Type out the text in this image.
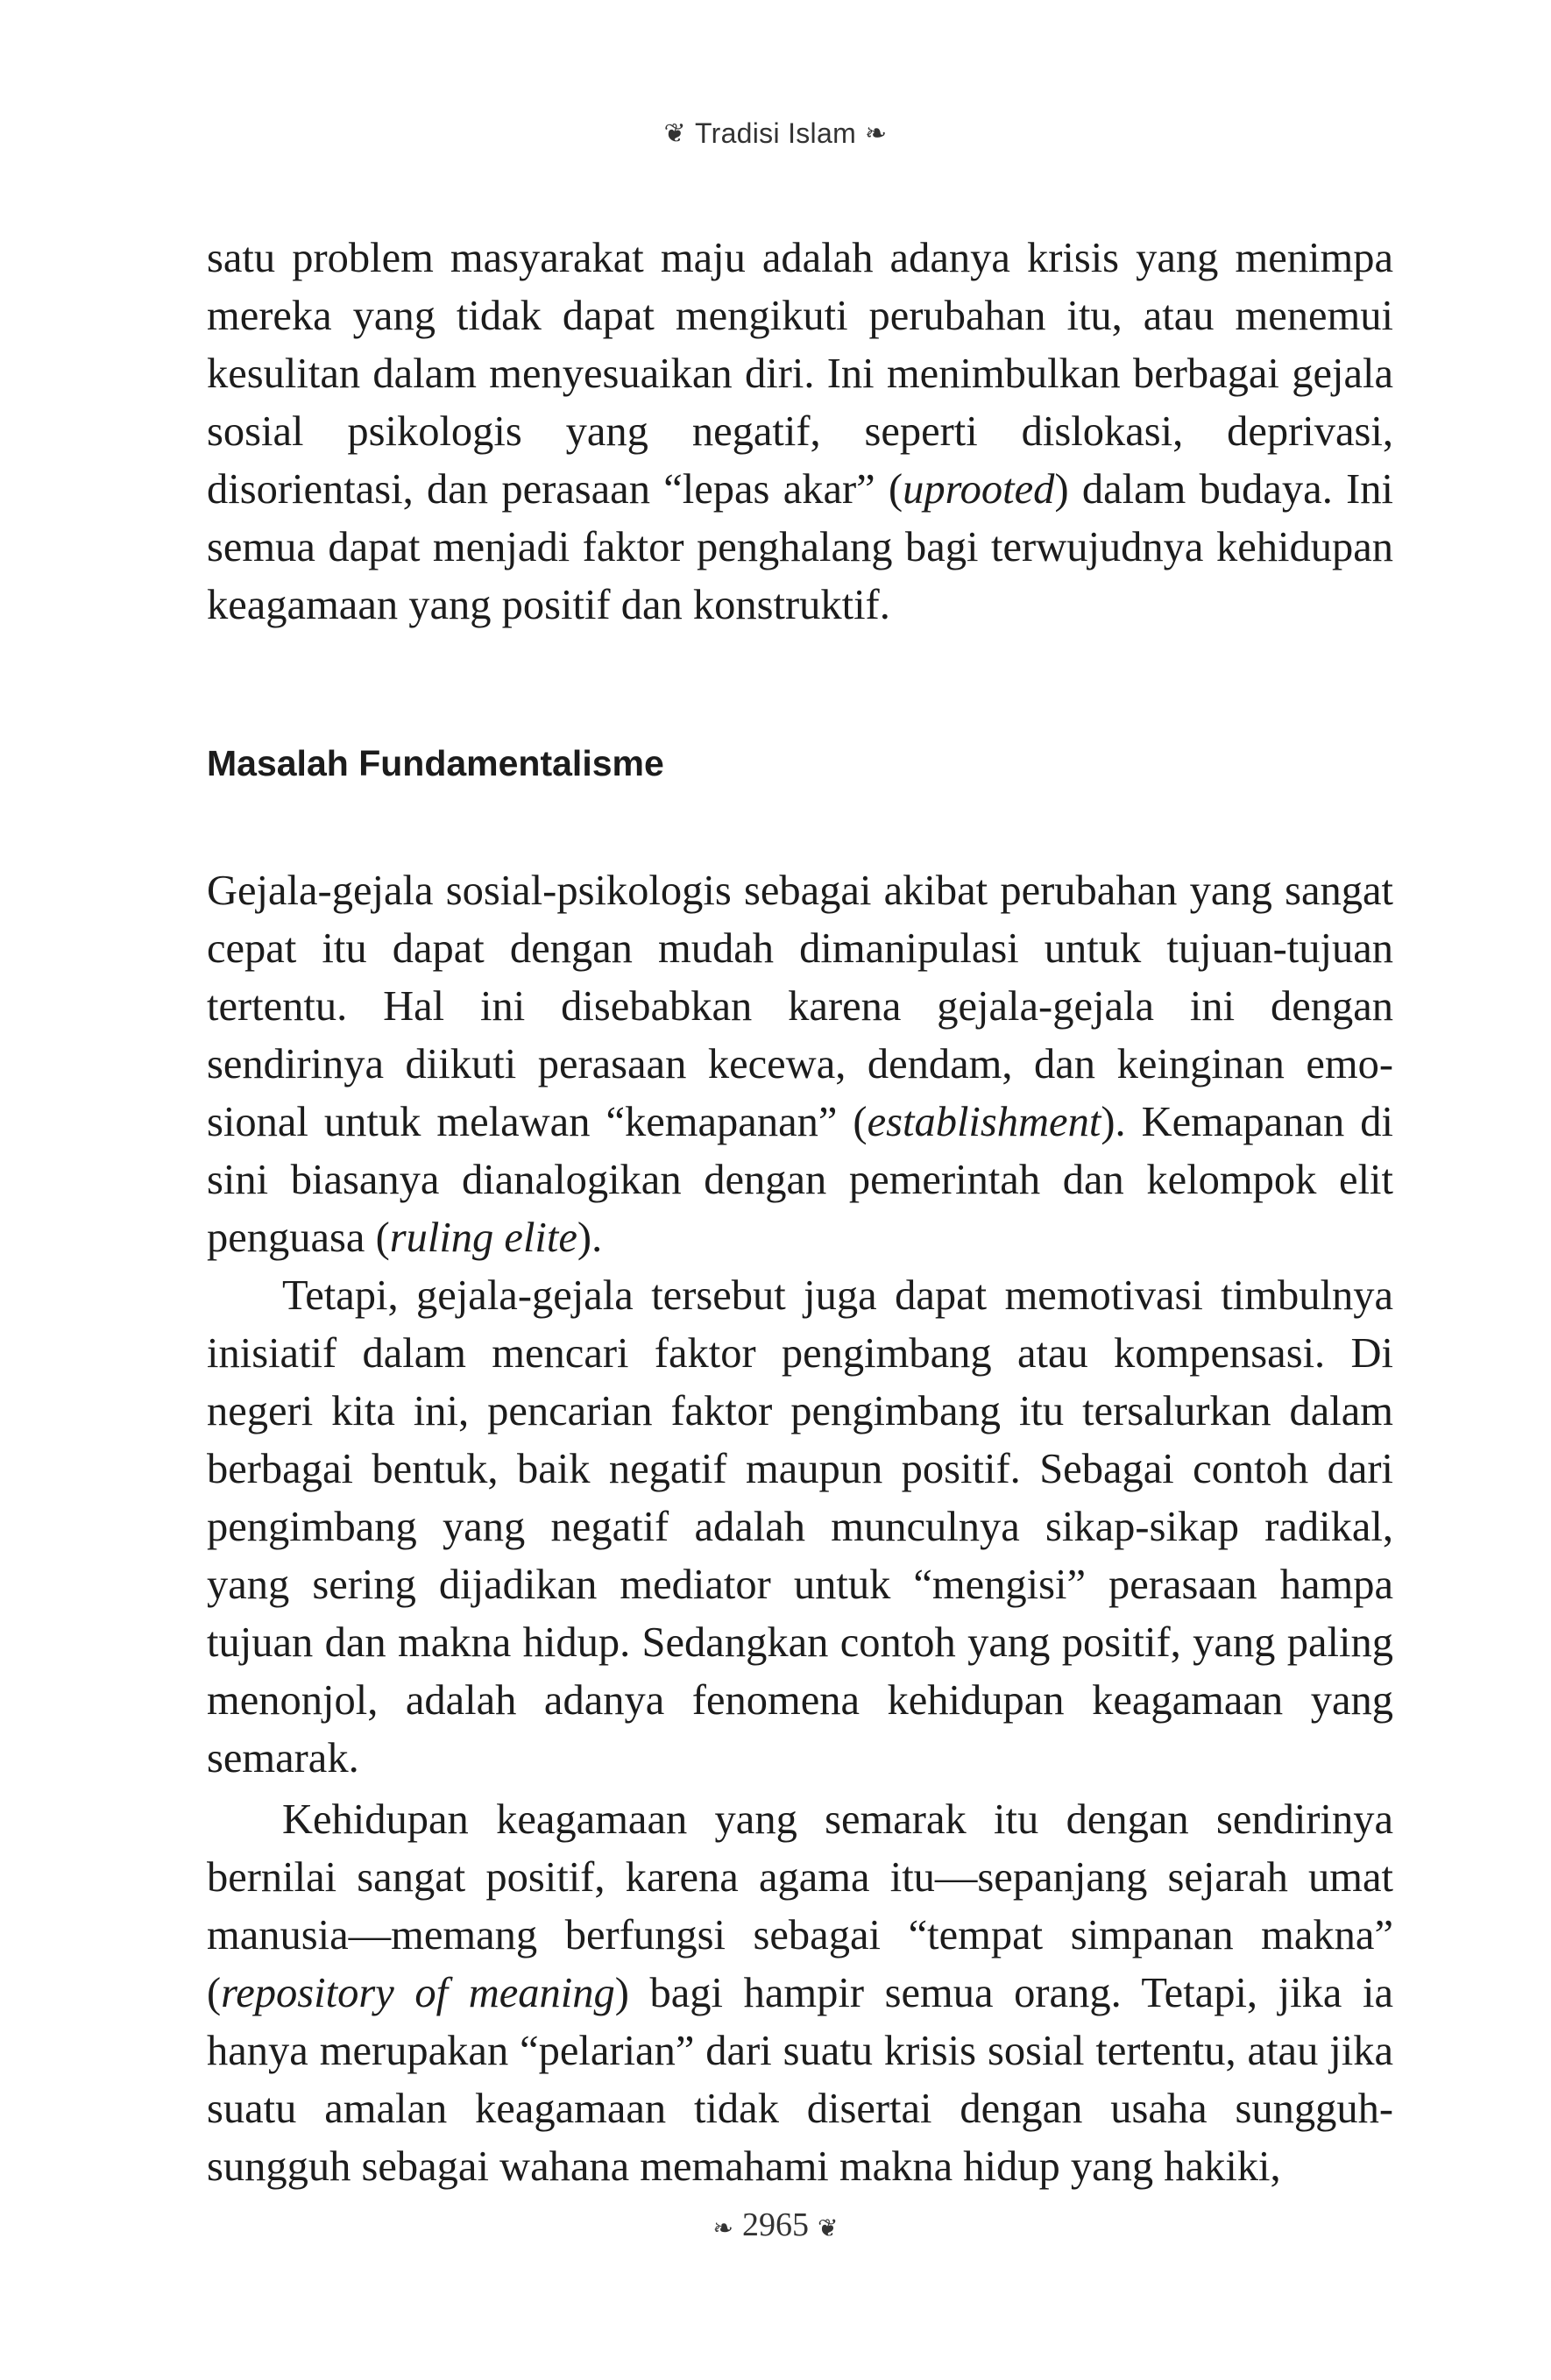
❦ Tradisi Islam ❧

satu problem masyarakat maju adalah adanya krisis yang menimpa mereka yang tidak dapat mengikuti perubahan itu, atau menemui kesulitan dalam menyesuaikan diri. Ini menimbulkan berbagai gejala sosial psikologis yang negatif, seperti dislokasi, deprivasi, disorientasi, dan perasaan “lepas akar” (uprooted) dalam budaya. Ini semua dapat menjadi faktor penghalang bagi terwujudnya kehidupan keagamaan yang positif dan konstruktif.

Masalah Fundamentalisme

Gejala-gejala sosial-psikologis sebagai akibat perubahan yang sangat cepat itu dapat dengan mudah dimanipulasi untuk tujuan-tujuan tertentu. Hal ini disebabkan karena gejala-gejala ini dengan sendirinya diikuti perasaan kecewa, dendam, dan keinginan emosional untuk melawan “kemapanan” (establishment). Kemapanan di sini biasanya dianalogikan dengan pemerintah dan kelompok elit penguasa (ruling elite).

Tetapi, gejala-gejala tersebut juga dapat memotivasi timbulnya inisiatif dalam mencari faktor pengimbang atau kompensasi. Di negeri kita ini, pencarian faktor pengimbang itu tersalurkan dalam berbagai bentuk, baik negatif maupun positif. Sebagai contoh dari pengimbang yang negatif adalah munculnya sikap-sikap radikal, yang sering dijadikan mediator untuk “mengisi” perasaan hampa tujuan dan makna hidup. Sedangkan contoh yang positif, yang paling menonjol, adalah adanya fenomena kehidupan keagamaan yang semarak.

Kehidupan keagamaan yang semarak itu dengan sendirinya bernilai sangat positif, karena agama itu—sepanjang sejarah umat manusia—memang berfungsi sebagai “tempat simpanan makna” (repository of meaning) bagi hampir semua orang. Tetapi, jika ia hanya merupakan “pelarian” dari suatu krisis sosial tertentu, atau jika suatu amalan keagamaan tidak disertai dengan usaha sungguh-sungguh sebagai wahana memahami makna hidup yang hakiki,

❧ 2965 ❦
